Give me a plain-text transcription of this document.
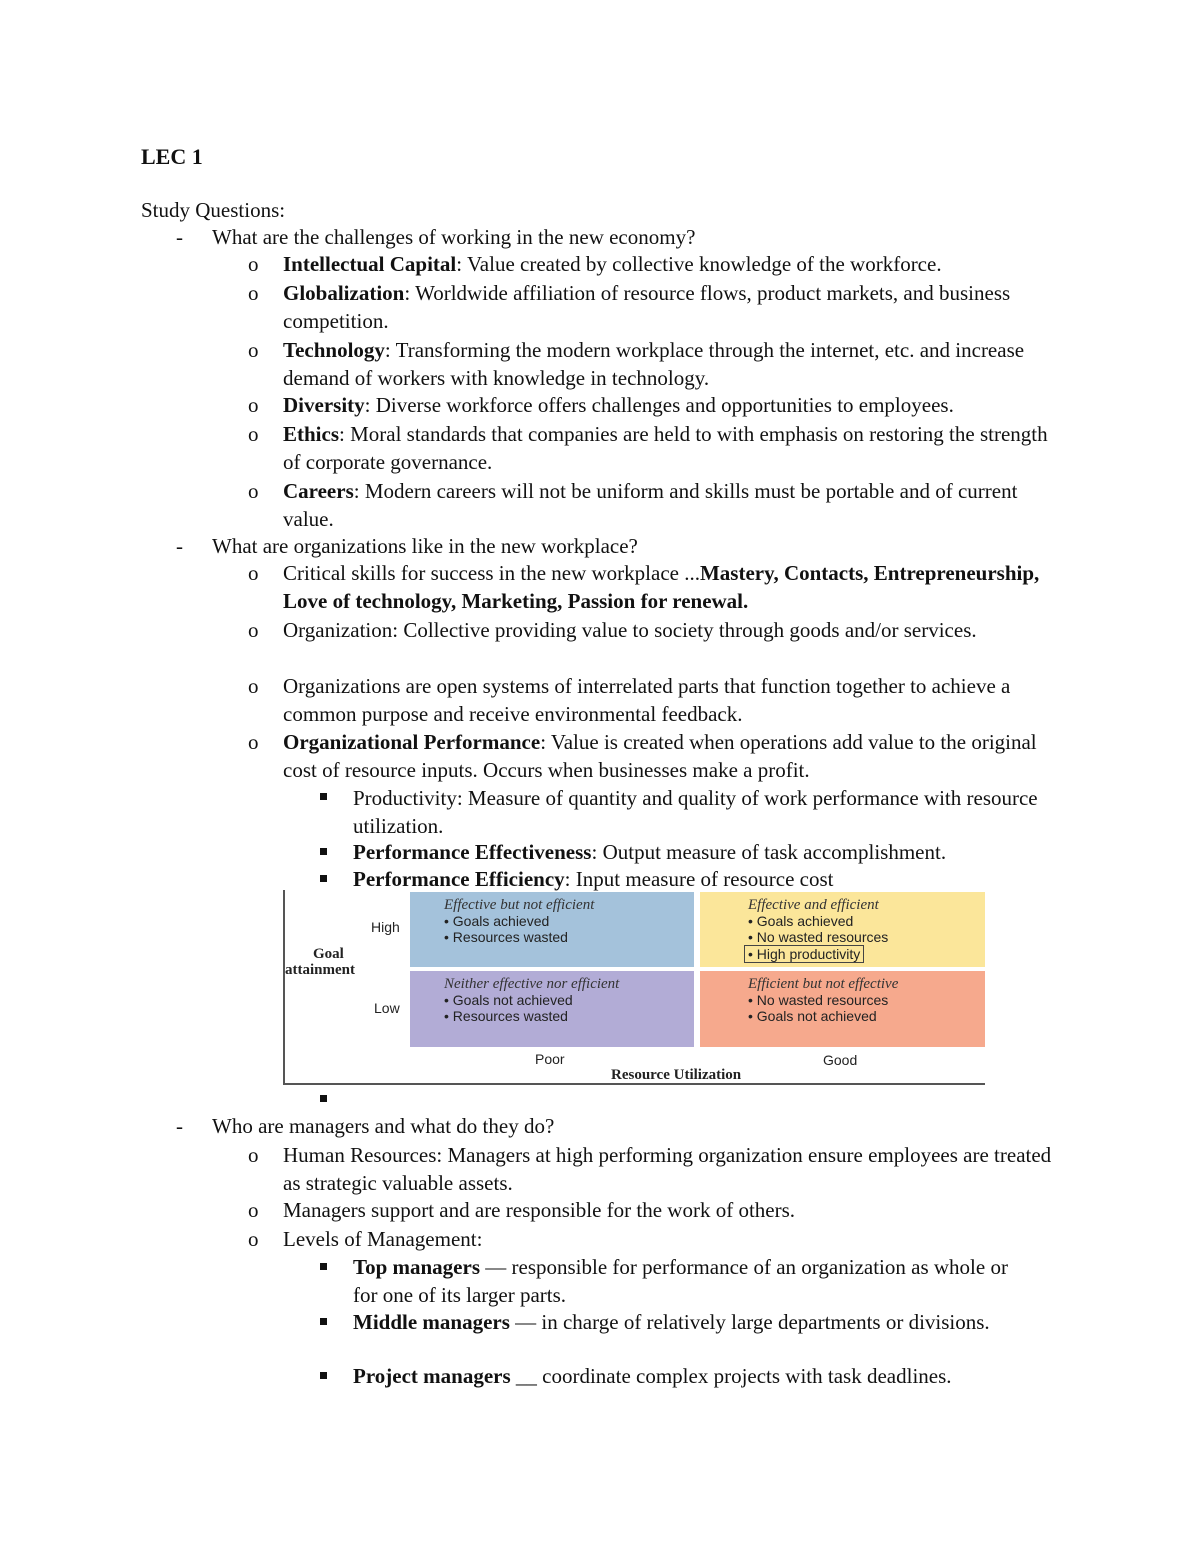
LEC 1
Study Questions:
- What are the challenges of working in the new economy?
o Intellectual Capital: Value created by collective knowledge of the workforce.
o Globalization: Worldwide affiliation of resource flows, product markets, and business competition.
o Technology: Transforming the modern workplace through the internet, etc. and increase demand of workers with knowledge in technology.
o Diversity: Diverse workforce offers challenges and opportunities to employees.
o Ethics: Moral standards that companies are held to with emphasis on restoring the strength of corporate governance.
o Careers: Modern careers will not be uniform and skills must be portable and of current value.
- What are organizations like in the new workplace?
o Critical skills for success in the new workplace ...Mastery, Contacts, Entrepreneurship, Love of technology, Marketing, Passion for renewal.
o Organization: Collective providing value to society through goods and/or services.
o Organizations are open systems of interrelated parts that function together to achieve a common purpose and receive environmental feedback.
o Organizational Performance: Value is created when operations add value to the original cost of resource inputs. Occurs when businesses make a profit.
Productivity: Measure of quantity and quality of work performance with resource utilization.
Performance Effectiveness: Output measure of task accomplishment.
Performance Efficiency: Input measure of resource cost
Effective but not efficient
• Goals achieved
• Resources wasted
Effective and efficient
• Goals achieved
• No wasted resources
• High productivity
Neither effective nor efficient
• Goals not achieved
• Resources wasted
Efficient but not effective
• No wasted resources
• Goals not achieved
High
Low
Goal
attainment
Poor	Good
Resource Utilization
- Who are managers and what do they do?
o Human Resources: Managers at high performing organization ensure employees are treated as strategic valuable assets.
o Managers support and are responsible for the work of others.
o Levels of Management:
Top managers — responsible for performance of an organization as whole or for one of its larger parts.
Middle managers — in charge of relatively large departments or divisions.
Project managers __ coordinate complex projects with task deadlines.
